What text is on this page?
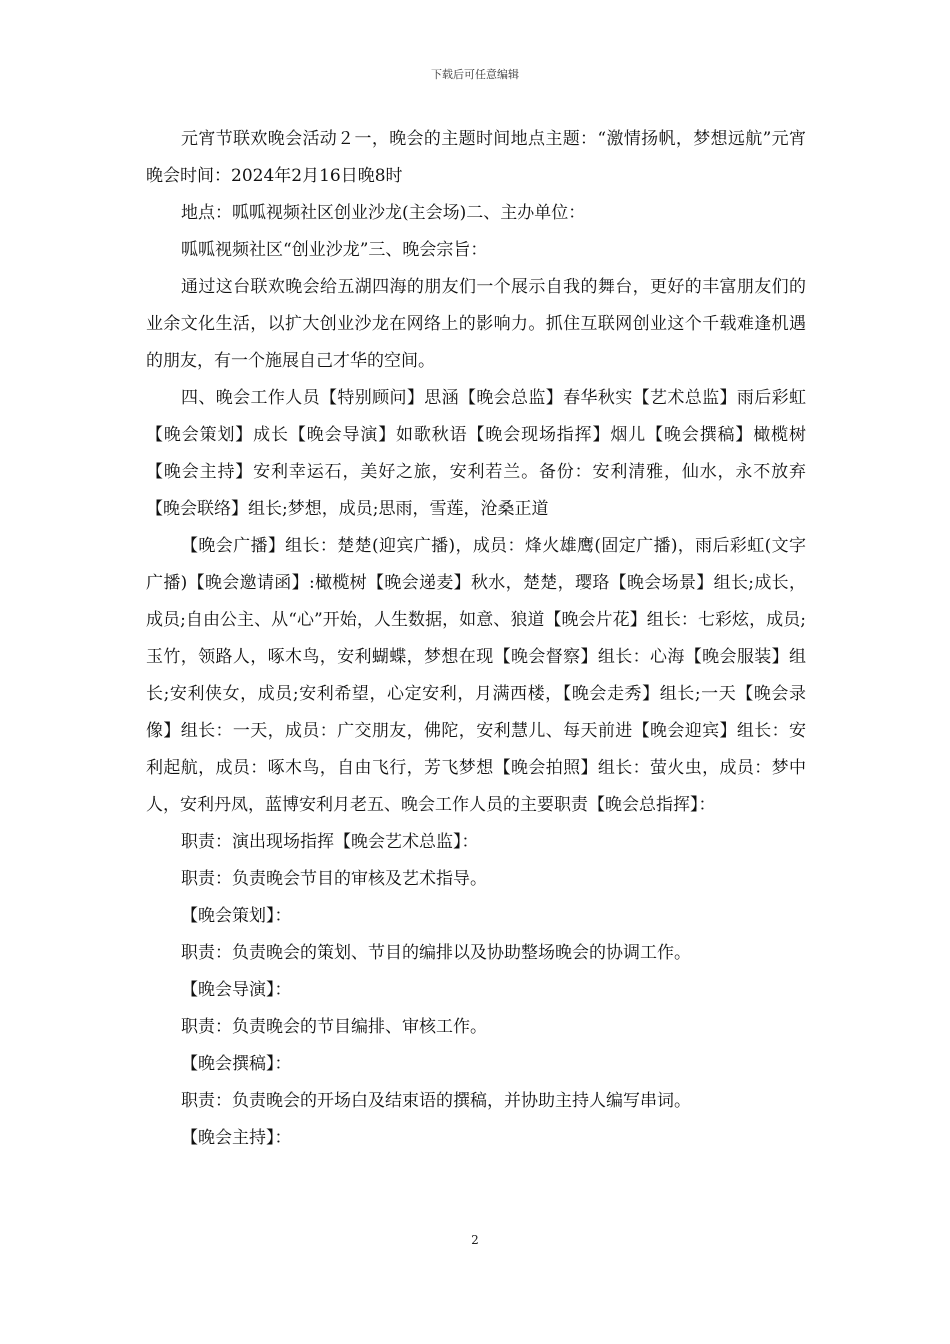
下载后可任意编辑

元宵节联欢晚会活动２一，晚会的主题时间地点主题：“激情扬帆，梦想远航”元宵晚会时间：2024年2月16日晚8时

地点：呱呱视频社区创业沙龙(主会场)二、主办单位：

呱呱视频社区“创业沙龙”三、晚会宗旨：

通过这台联欢晚会给五湖四海的朋友们一个展示自我的舞台，更好的丰富朋友们的业余文化生活，以扩大创业沙龙在网络上的影响力。抓住互联网创业这个千载难逢机遇的朋友，有一个施展自己才华的空间。

四、晚会工作人员【特别顾问】思涵【晚会总监】春华秋实【艺术总监】雨后彩虹【晚会策划】成长【晚会导演】如歌秋语【晚会现场指挥】烟儿【晚会撰稿】橄榄树【晚会主持】安利幸运石，美好之旅，安利若兰。备份：安利清雅，仙水，永不放弃【晚会联络】组长;梦想，成员;思雨，雪莲，沧桑正道

【晚会广播】组长：楚楚(迎宾广播)，成员：烽火雄鹰(固定广播)，雨后彩虹(文字广播)【晚会邀请函】:橄榄树【晚会递麦】秋水，楚楚，璎珞【晚会场景】组长;成长，成员;自由公主、从“心”开始，人生数据，如意、狼道【晚会片花】组长：七彩炫，成员;玉竹，领路人，啄木鸟，安利蝴蝶，梦想在现【晚会督察】组长：心海【晚会服装】组长;安利侠女，成员;安利希望，心定安利，月满西楼，【晚会走秀】组长;一天【晚会录像】组长：一天，成员：广交朋友，佛陀，安利慧儿、每天前进【晚会迎宾】组长：安利起航，成员：啄木鸟，自由飞行，芳飞梦想【晚会拍照】组长：萤火虫，成员：梦中人，安利丹凤，蓝博安利月老五、晚会工作人员的主要职责【晚会总指挥】：

职责：演出现场指挥【晚会艺术总监】：

职责：负责晚会节目的审核及艺术指导。

【晚会策划】：

职责：负责晚会的策划、节目的编排以及协助整场晚会的协调工作。

【晚会导演】：

职责：负责晚会的节目编排、审核工作。

【晚会撰稿】：

职责：负责晚会的开场白及结束语的撰稿，并协助主持人编写串词。

【晚会主持】：

2
